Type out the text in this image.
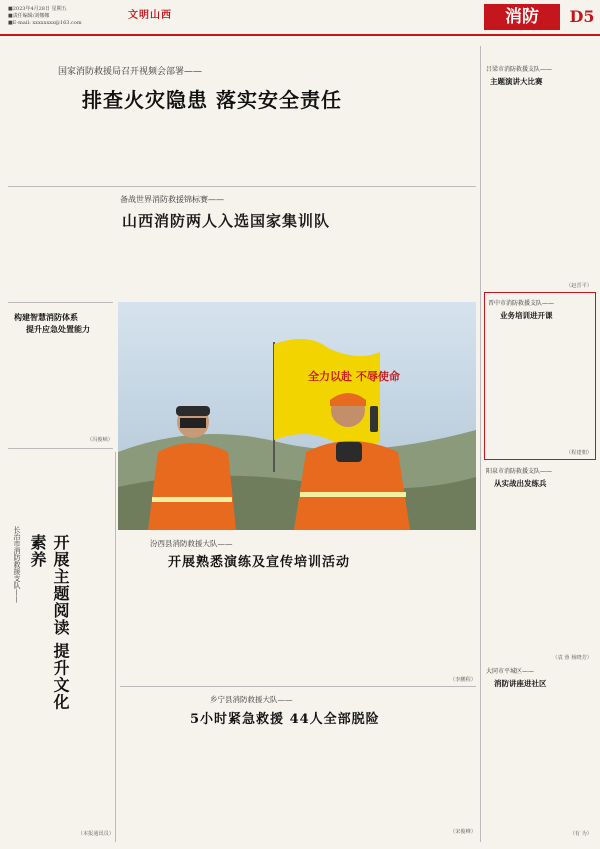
■2023年4月28日 星期五
■责任编辑/刘娜娜
■E-mail: xxxxxxxx@163.com
文明山西	消防	D5
国家消防救援局召开视频会部署——
排查火灾隐患 落实安全责任
备战世界消防救援锦标赛——
山西消防两人入选国家集训队
构建智慧消防体系
提升应急处置能力
（冯俊峡）
全力以赴 不辱使命
长治市消防救援支队——	开展主题阅读 提升文化素养
（本报通讯员）
汾西县消防救援大队——
开展熟悉演练及宣传培训活动
（李鹏程）
乡宁县消防救援大队——
5小时紧急救援 44人全部脱险
（宋俊峰）
吕梁市消防救援支队——
主题演讲大比赛
（赵晋平）
晋中市消防救援支队——
业务培训进开课
（程建朝）
阳泉市消防救援支队——
从实战出发练兵
（袁 蓉 杨晓芳）
大同市平城区——
消防讲座进社区
（有 为）
